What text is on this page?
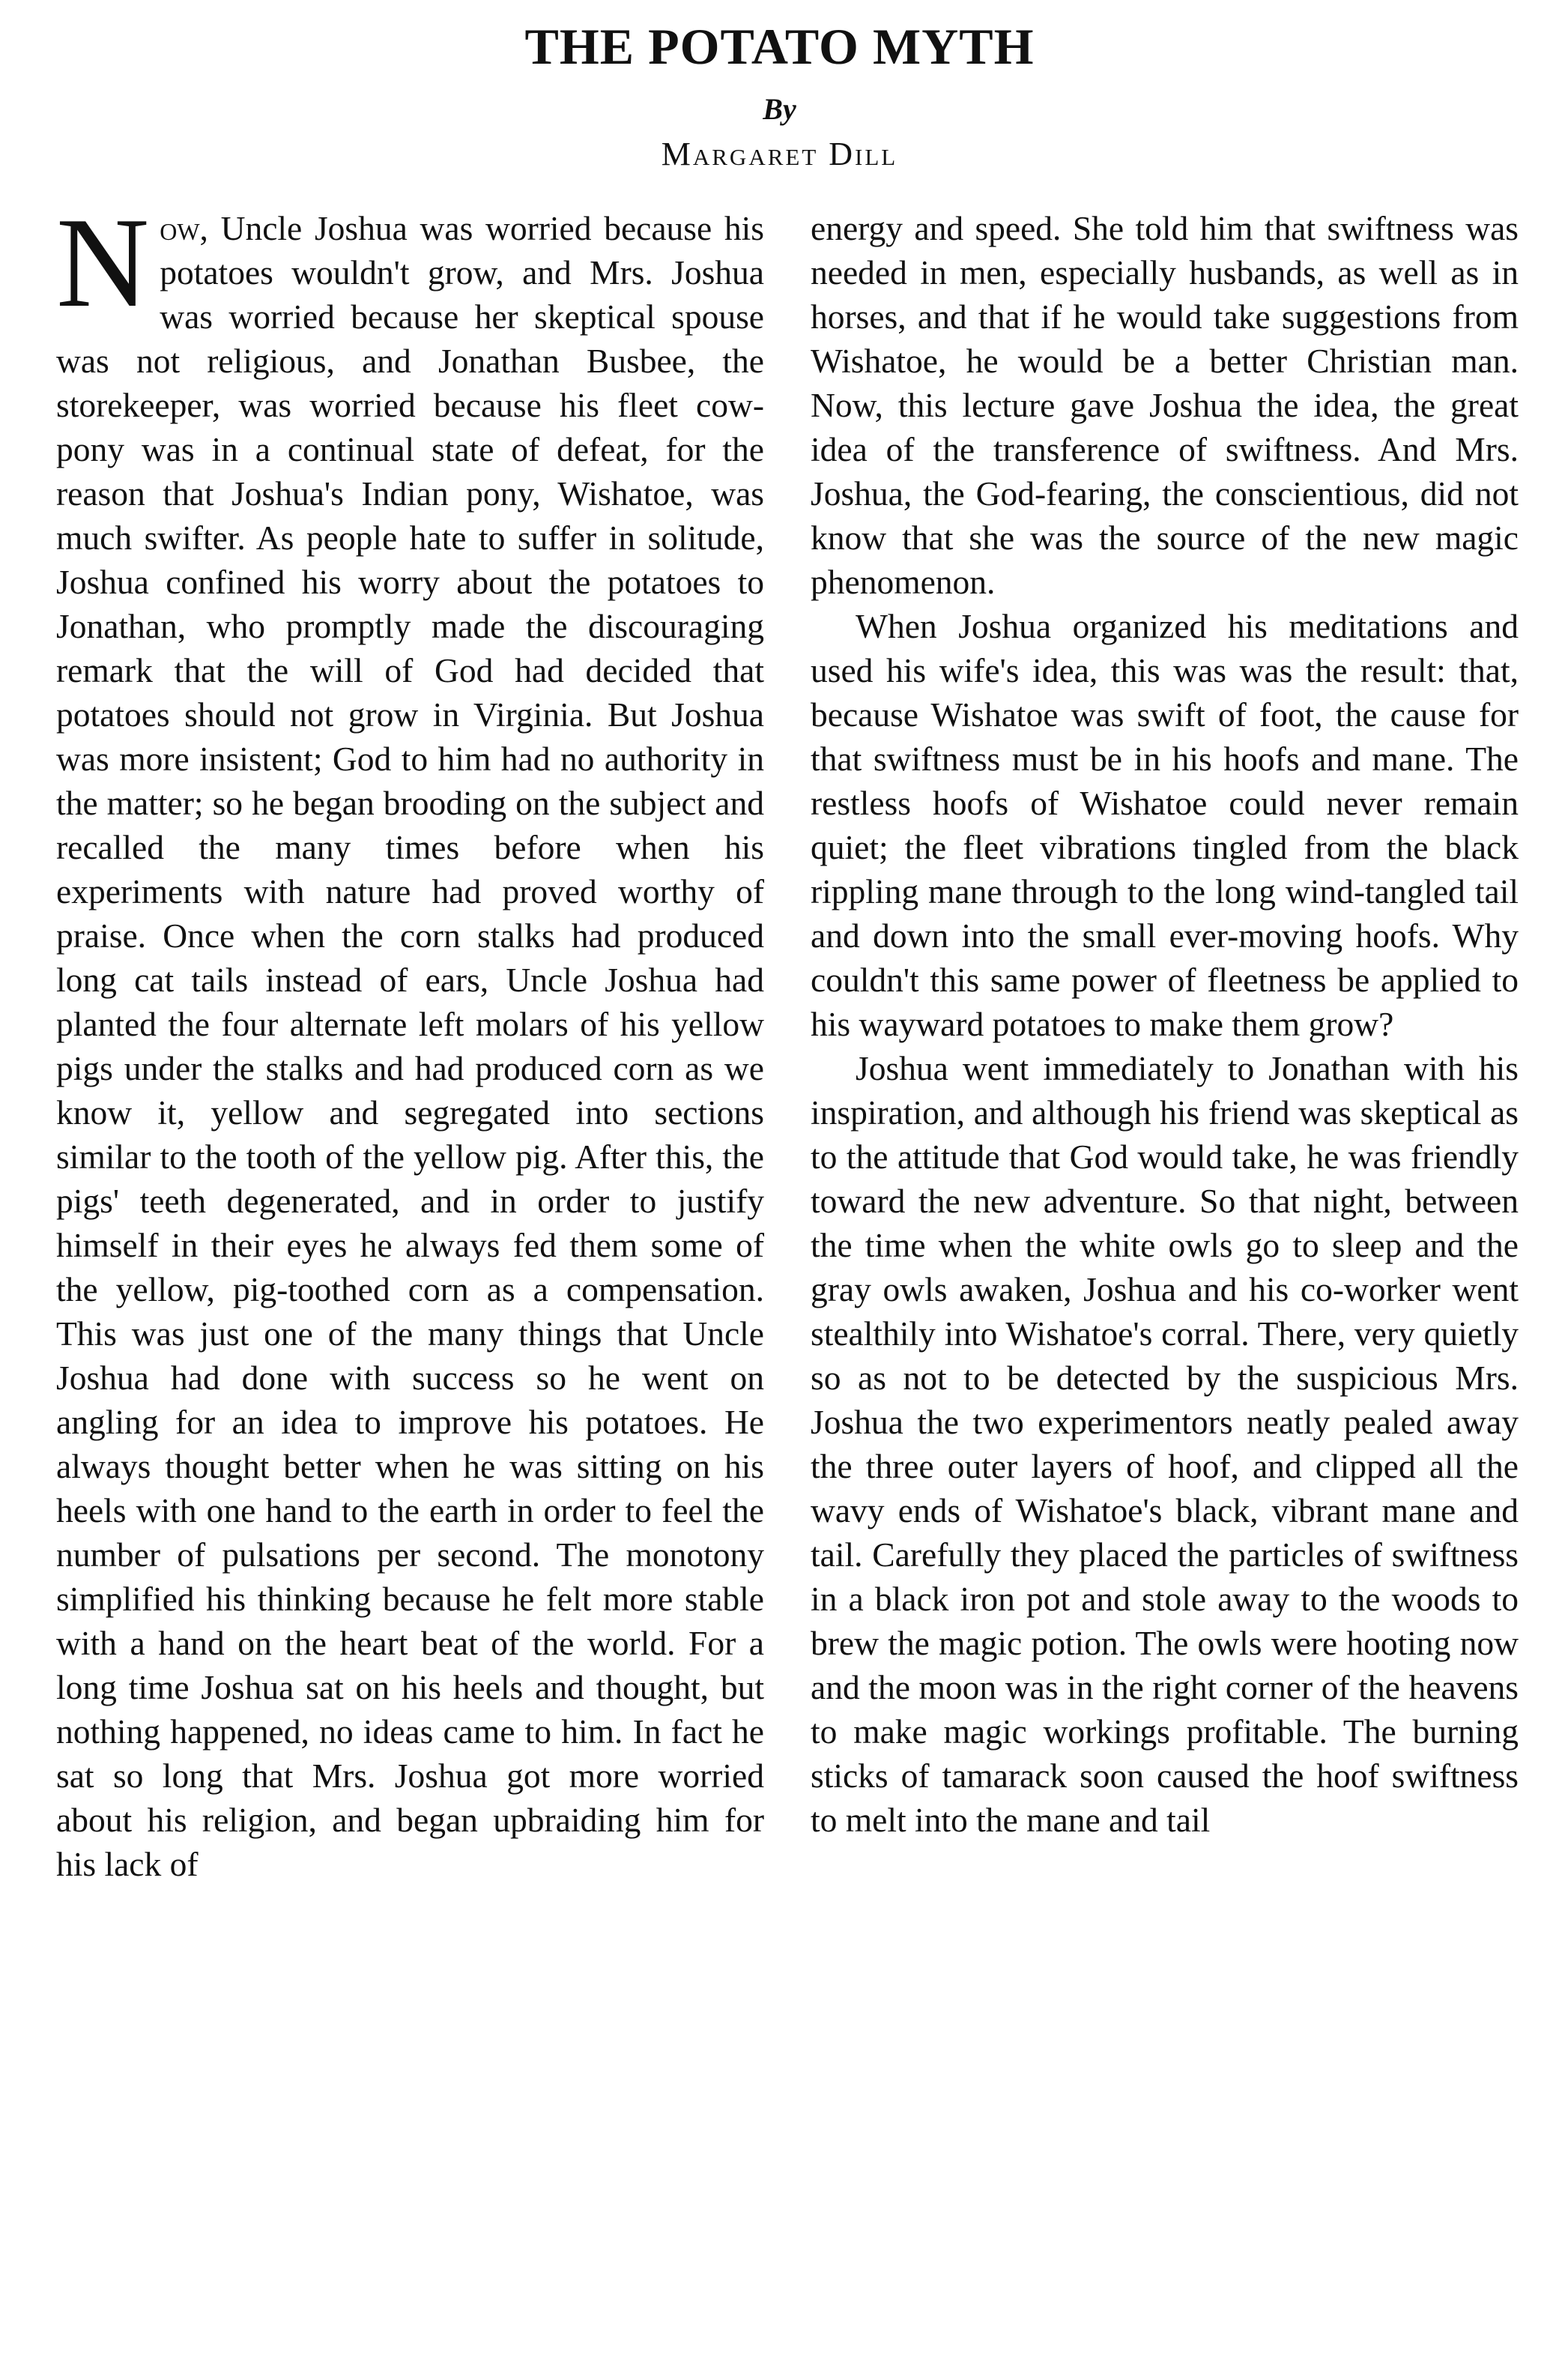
THE POTATO MYTH
By
Margaret Dill

Now, Uncle Joshua was worried because his potatoes wouldn't grow, and Mrs. Joshua was worried because her skeptical spouse was not religious, and Jonathan Busbee, the storekeeper, was worried because his fleet cow-pony was in a continual state of defeat, for the reason that Joshua's Indian pony, Wishatoe, was much swifter. As people hate to suffer in solitude, Joshua confined his worry about the potatoes to Jonathan, who promptly made the discouraging remark that the will of God had decided that potatoes should not grow in Virginia. But Joshua was more insistent; God to him had no authority in the matter; so he began brooding on the subject and recalled the many times before when his experiments with nature had proved worthy of praise. Once when the corn stalks had produced long cat tails instead of ears, Uncle Joshua had planted the four alternate left molars of his yellow pigs under the stalks and had produced corn as we know it, yellow and segregated into sections similar to the tooth of the yellow pig. After this, the pigs' teeth degenerated, and in order to justify himself in their eyes he always fed them some of the yellow, pig-toothed corn as a compensation. This was just one of the many things that Uncle Joshua had done with success so he went on angling for an idea to improve his potatoes. He always thought better when he was sitting on his heels with one hand to the earth in order to feel the number of pulsations per second. The monotony simplified his thinking because he felt more stable with a hand on the heart beat of the world. For a long time Joshua sat on his heels and thought, but nothing happened, no ideas came to him. In fact he sat so long that Mrs. Joshua got more worried about his religion, and began upbraiding him for his lack of

energy and speed. She told him that swiftness was needed in men, especially husbands, as well as in horses, and that if he would take suggestions from Wishatoe, he would be a better Christian man. Now, this lecture gave Joshua the idea, the great idea of the transference of swiftness. And Mrs. Joshua, the God-fearing, the conscientious, did not know that she was the source of the new magic phenomenon.

When Joshua organized his meditations and used his wife's idea, this was was the result: that, because Wishatoe was swift of foot, the cause for that swiftness must be in his hoofs and mane. The restless hoofs of Wishatoe could never remain quiet; the fleet vibrations tingled from the black rippling mane through to the long wind-tangled tail and down into the small ever-moving hoofs. Why couldn't this same power of fleetness be applied to his wayward potatoes to make them grow?

Joshua went immediately to Jonathan with his inspiration, and although his friend was skeptical as to the attitude that God would take, he was friendly toward the new adventure. So that night, between the time when the white owls go to sleep and the gray owls awaken, Joshua and his co-worker went stealthily into Wishatoe's corral. There, very quietly so as not to be detected by the suspicious Mrs. Joshua the two experimentors neatly pealed away the three outer layers of hoof, and clipped all the wavy ends of Wishatoe's black, vibrant mane and tail. Carefully they placed the particles of swiftness in a black iron pot and stole away to the woods to brew the magic potion. The owls were hooting now and the moon was in the right corner of the heavens to make magic workings profitable. The burning sticks of tamarack soon caused the hoof swiftness to melt into the mane and tail
